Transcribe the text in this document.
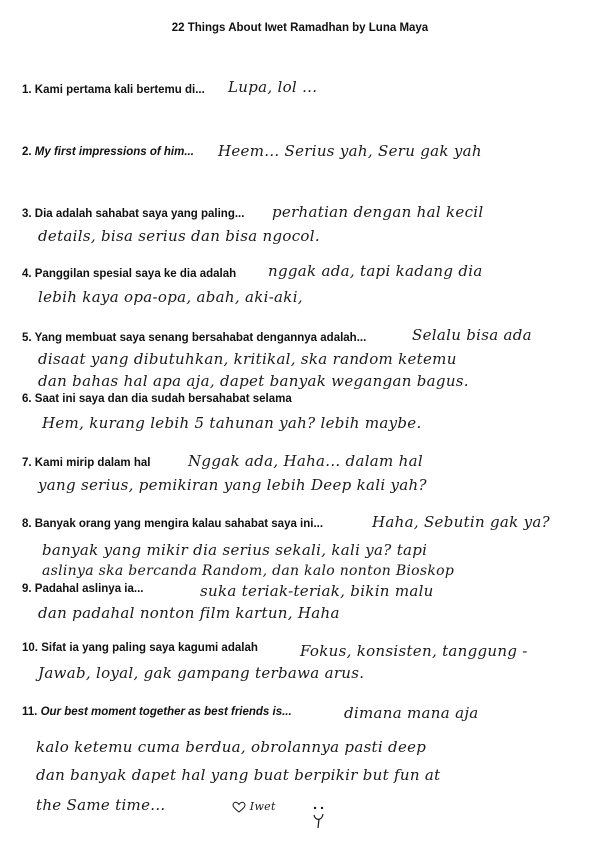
22 Things About Iwet Ramadhan by Luna Maya
1. Kami pertama kali bertemu di... Lupa, lol ...
2. My first impressions of him... Heem... Serius yah, Seru gak yah
3. Dia adalah sahabat saya yang paling... perhatian dengan hal kecil
details, bisa serius dan bisa ngocol.
4. Panggilan spesial saya ke dia adalah nggak ada, tapi kadang dia
lebih kaya opa-opa, abah, aki-aki,
5. Yang membuat saya senang bersahabat dengannya adalah...	Selalu bisa ada
disaat yang dibutuhkan, kritikal, ska random ketemu
dan bahas hal apa aja, dapet banyak wegangan bagus.
6. Saat ini saya dan dia sudah bersahabat selama
Hem, kurang lebih 5 tahunan yah? lebih maybe.
7. Kami mirip dalam hal	Nggak ada, Haha... dalam hal
yang serius, pemikiran yang lebih Deep kali yah?
8. Banyak orang yang mengira kalau sahabat saya ini...	Haha, Sebutin gak ya?
banyak yang mikir dia serius sekali, kali ya? tapi
aslinya ska bercanda Random, dan kalo nonton Bioskop
9. Padahal aslinya ia...	suka teriak-teriak, bikin malu
dan padahal nonton film kartun, Haha
10. Sifat ia yang paling saya kagumi adalah	Fokus, konsisten, tanggung -
Jawab, loyal, gak gampang terbawa arus.
11. Our best moment together as best friends is...	dimana mana aja
kalo ketemu cuma berdua, obrolannya pasti deep
dan banyak dapet hal yang buat berpikir but fun at
the Same time...	Iwet
